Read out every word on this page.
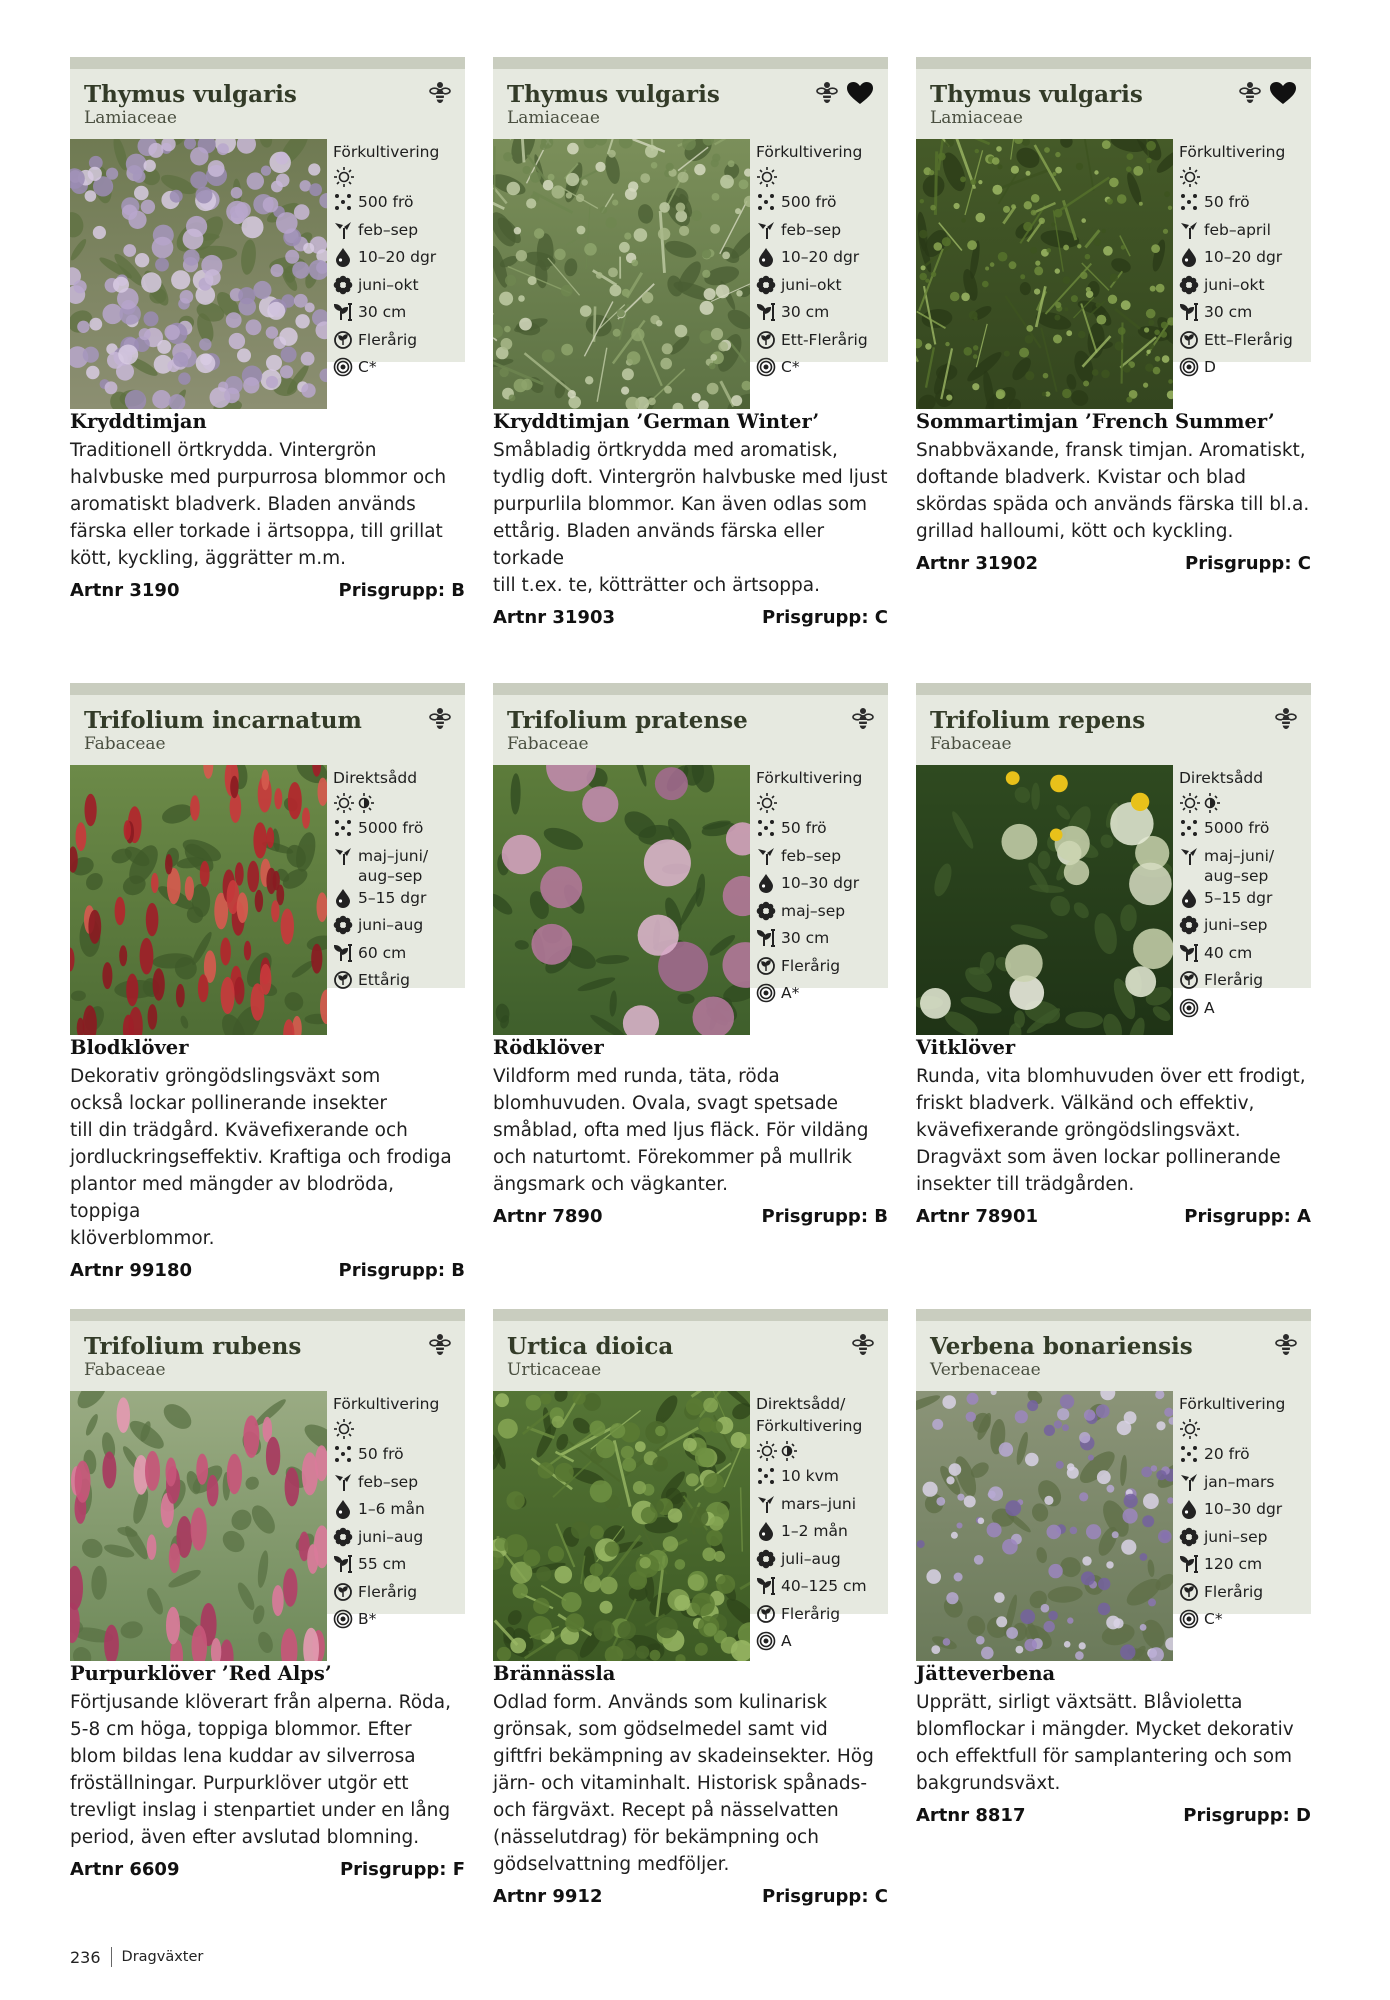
Thymus vulgaris
Lamiaceae
Förkultivering
500 frö
feb–sep
10–20 dgr
juni–okt
30 cm
Flerårig
C*
Kryddtimjan
Traditionell örtkrydda. Vintergrön
halvbuske med purpurrosa blommor och
aromatiskt bladverk. Bladen används
färska eller torkade i ärtsoppa, till grillat
kött, kyckling, äggrätter m.m.
Artnr 3190	Prisgrupp: B
Thymus vulgaris
Lamiaceae
Förkultivering
500 frö
feb–sep
10–20 dgr
juni–okt
30 cm
Ett-Flerårig
C*
Kryddtimjan ’German Winter’
Småbladig örtkrydda med aromatisk,
tydlig doft. Vintergrön halvbuske med ljust
purpurlila blommor. Kan även odlas som
ettårig. Bladen används färska eller torkade
till t.ex. te, kötträtter och ärtsoppa.
Artnr 31903	Prisgrupp: C
Thymus vulgaris
Lamiaceae
Förkultivering
50 frö
feb–april
10–20 dgr
juni–okt
30 cm
Ett–Flerårig
D
Sommartimjan ’French Summer’
Snabbväxande, fransk timjan. Aromatiskt,
doftande bladverk. Kvistar och blad
skördas späda och används färska till bl.a.
grillad halloumi, kött och kyckling.
Artnr 31902	Prisgrupp: C
Trifolium incarnatum
Fabaceae
Direktsådd
5000 frö
maj–juni/ aug–sep
5–15 dgr
juni–aug
60 cm
Ettårig
Blodklöver
Dekorativ gröngödslingsväxt som
också lockar pollinerande insekter
till din trädgård. Kvävefixerande och
jordluckringseffektiv. Kraftiga och frodiga
plantor med mängder av blodröda, toppiga
klöverblommor.
Artnr 99180	Prisgrupp: B
Trifolium pratense
Fabaceae
Förkultivering
50 frö
feb–sep
10–30 dgr
maj–sep
30 cm
Flerårig
A*
Rödklöver
Vildform med runda, täta, röda
blomhuvuden. Ovala, svagt spetsade
småblad, ofta med ljus fläck. För vildäng
och naturtomt. Förekommer på mullrik
ängsmark och vägkanter.
Artnr 7890	Prisgrupp: B
Trifolium repens
Fabaceae
Direktsådd
5000 frö
maj–juni/ aug–sep
5–15 dgr
juni–sep
40 cm
Flerårig
A
Vitklöver
Runda, vita blomhuvuden över ett frodigt,
friskt bladverk. Välkänd och effektiv,
kvävefixerande gröngödslingsväxt.
Dragväxt som även lockar pollinerande
insekter till trädgården.
Artnr 78901	Prisgrupp: A
Trifolium rubens
Fabaceae
Förkultivering
50 frö
feb–sep
1–6 mån
juni–aug
55 cm
Flerårig
B*
Purpurklöver ’Red Alps’
Förtjusande klöverart från alperna. Röda,
5-8 cm höga, toppiga blommor. Efter
blom bildas lena kuddar av silverrosa
fröställningar. Purpurklöver utgör ett
trevligt inslag i stenpartiet under en lång
period, även efter avslutad blomning.
Artnr 6609	Prisgrupp: F
Urtica dioica
Urticaceae
Direktsådd/ Förkultivering
10 kvm
mars–juni
1–2 mån
juli–aug
40–125 cm
Flerårig
A
Brännässla
Odlad form. Används som kulinarisk
grönsak, som gödselmedel samt vid
giftfri bekämpning av skadeinsekter. Hög
järn- och vitaminhalt. Historisk spånads-
och färgväxt. Recept på nässelvatten
(nässelutdrag) för bekämpning och
gödselvattning medföljer.
Artnr 9912	Prisgrupp: C
Verbena bonariensis
Verbenaceae
Förkultivering
20 frö
jan–mars
10–30 dgr
juni–sep
120 cm
Flerårig
C*
Jätteverbena
Upprätt, sirligt växtsätt. Blåvioletta
blomflockar i mängder. Mycket dekorativ
och effektfull för samplantering och som
bakgrundsväxt.
Artnr 8817	Prisgrupp: D
236 Dragväxter
